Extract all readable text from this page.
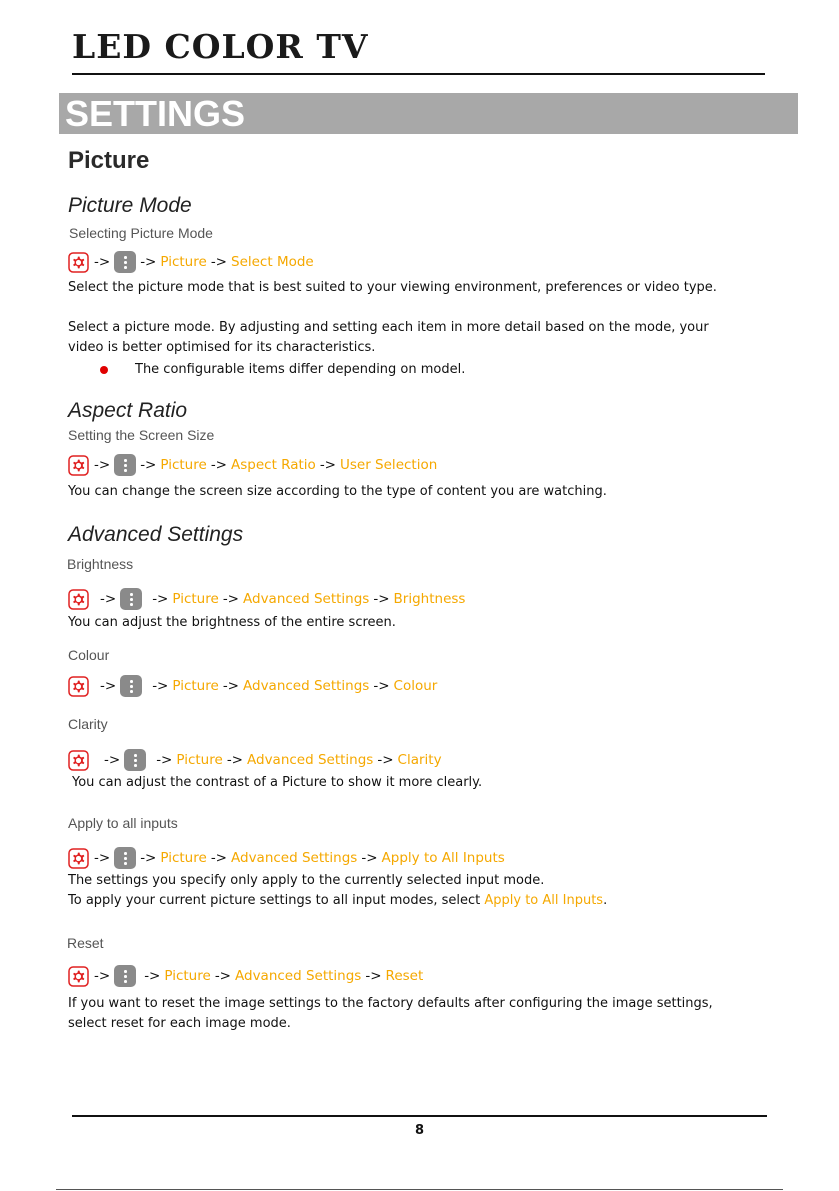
LED COLOR TV
SETTINGS
Picture
Picture Mode
Selecting Picture Mode
-> -> Picture -> Select Mode
Select the picture mode that is best suited to your viewing environment, preferences or video type.
Select a picture mode. By adjusting and setting each item in more detail based on the mode, your video is better optimised for its characteristics.
The configurable items differ depending on model.
Aspect Ratio
Setting the Screen Size
-> -> Picture -> Aspect Ratio -> User Selection
You can change the screen size according to the type of content you are watching.
Advanced Settings
Brightness
->	-> Picture -> Advanced Settings -> Brightness
You can adjust the brightness of the entire screen.
Colour
->	-> Picture -> Advanced Settings -> Colour
Clarity
->	-> Picture -> Advanced Settings -> Clarity
You can adjust the contrast of a Picture to show it more clearly.
Apply to all inputs
-> -> Picture -> Advanced Settings -> Apply to All Inputs
The settings you specify only apply to the currently selected input mode.
To apply your current picture settings to all input modes, select Apply to All Inputs.
Reset
->	-> Picture -> Advanced Settings -> Reset
If you want to reset the image settings to the factory defaults after configuring the image settings, select reset for each image mode.
8
